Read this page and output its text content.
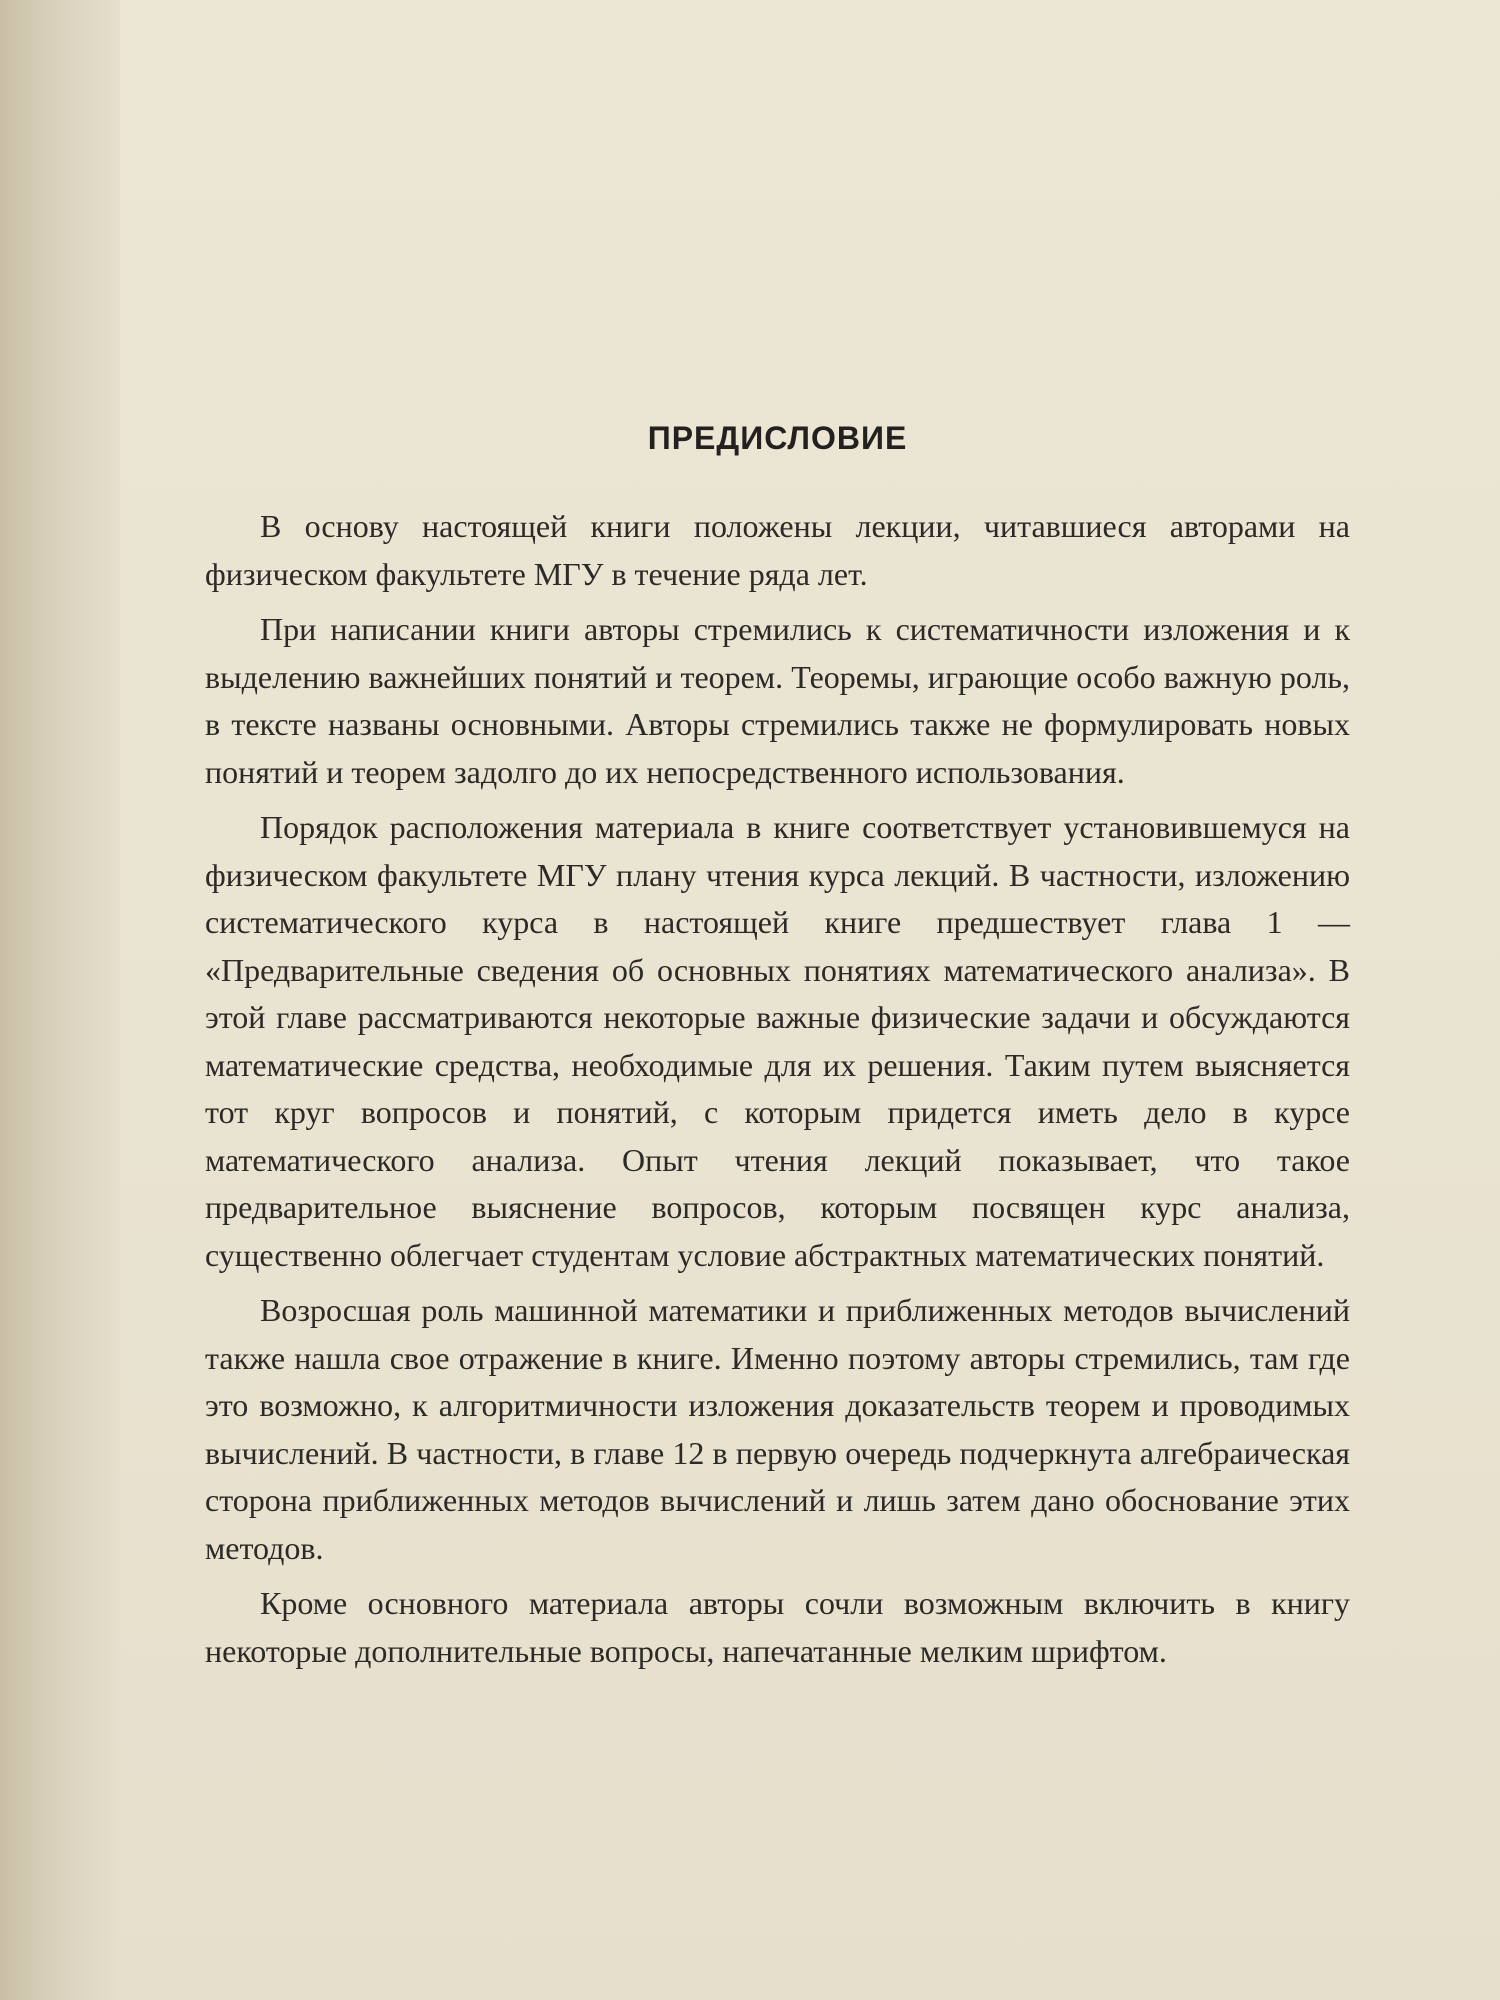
ПРЕДИСЛОВИЕ

В основу настоящей книги положены лекции, читавшиеся авторами на физическом факультете МГУ в течение ряда лет.

При написании книги авторы стремились к систематичности изложения и к выделению важнейших понятий и теорем. Теоремы, играющие особо важную роль, в тексте названы основными. Авторы стремились также не формулировать новых понятий и теорем задолго до их непосредственного использования.

Порядок расположения материала в книге соответствует установившемуся на физическом факультете МГУ плану чтения курса лекций. В частности, изложению систематического курса в настоящей книге предшествует глава 1 — «Предварительные сведения об основных понятиях математического анализа». В этой главе рассматриваются некоторые важные физические задачи и обсуждаются математические средства, необходимые для их решения. Таким путем выясняется тот круг вопросов и понятий, с которым придется иметь дело в курсе математического анализа. Опыт чтения лекций показывает, что такое предварительное выяснение вопросов, которым посвящен курс анализа, существенно облегчает студентам условие абстрактных математических понятий.

Возросшая роль машинной математики и приближенных методов вычислений также нашла свое отражение в книге. Именно поэтому авторы стремились, там где это возможно, к алгоритмичности изложения доказательств теорем и проводимых вычислений. В частности, в главе 12 в первую очередь подчеркнута алгебраическая сторона приближенных методов вычислений и лишь затем дано обоснование этих методов.

Кроме основного материала авторы сочли возможным включить в книгу некоторые дополнительные вопросы, напечатанные мелким шрифтом.
